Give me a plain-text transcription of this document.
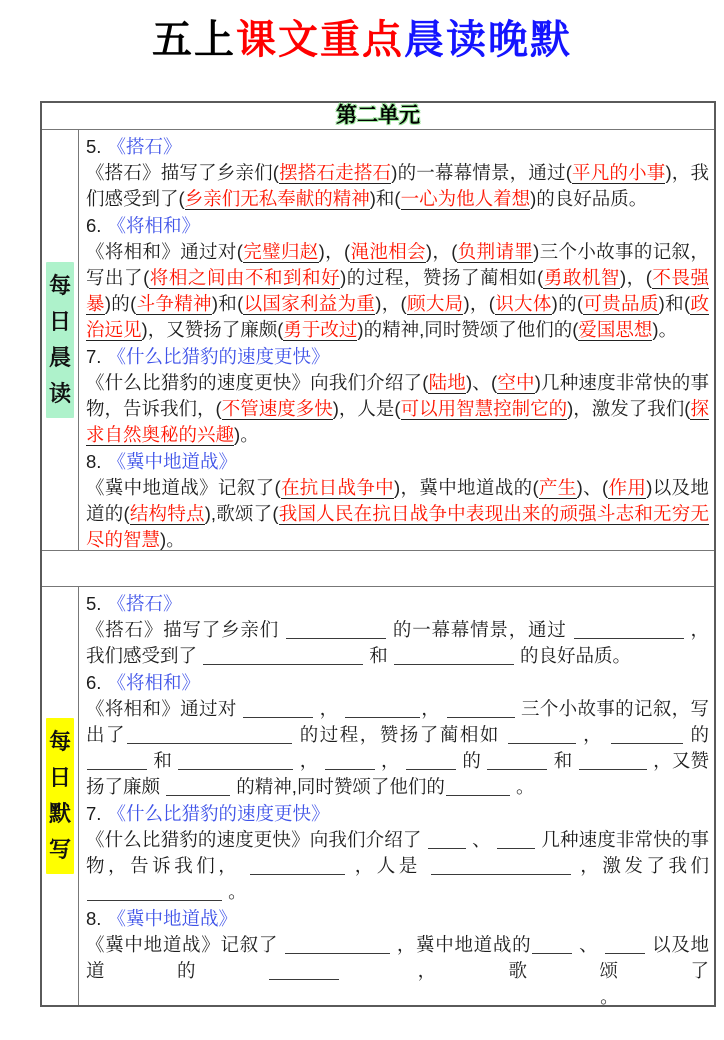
五上课文重点晨读晚默
第二单元
每
日
晨
读
5. 《搭石》
《搭石》描写了乡亲们(摆搭石走搭石)的一幕幕情景，通过(平凡的小事)，我们感受到了(乡亲们无私奉献的精神)和(一心为他人着想)的良好品质。
6. 《将相和》
《将相和》通过对(完璧归赵)，(渑池相会)，(负荆请罪)三个小故事的记叙，写出了(将相之间由不和到和好)的过程，赞扬了蔺相如(勇敢机智)，(不畏强暴)的(斗争精神)和(以国家利益为重)，(顾大局)，(识大体)的(可贵品质)和(政治远见)，又赞扬了廉颇(勇于改过)的精神,同时赞颂了他们的(爱国思想)。
7. 《什么比猎豹的速度更快》
《什么比猎豹的速度更快》向我们介绍了(陆地)、(空中)几种速度非常快的事物，告诉我们，(不管速度多快)，人是(可以用智慧控制它的)，激发了我们(探求自然奥秘的兴趣)。
8. 《冀中地道战》
《冀中地道战》记叙了(在抗日战争中)，冀中地道战的(产生)、(作用)以及地道的(结构特点),歌颂了(我国人民在抗日战争中表现出来的顽强斗志和无穷无尽的智慧)。
每
日
默
写
5. 《搭石》
《搭石》描写了乡亲们	的一幕幕情景，通过	，我们感受到了	和	的良好品质。
6. 《将相和》
《将相和》通过对	，	，	三个小故事的记叙，写出了	的过程，赞扬了蔺相如	，	的  和	，	，	的	和	，又赞扬了廉颇	的精神,同时赞颂了他们的	。
7. 《什么比猎豹的速度更快》
《什么比猎豹的速度更快》向我们介绍了  、  几种速度非常快的事物，告诉我们，	，人是	，激发了我们  。
8. 《冀中地道战》
《冀中地道战》记叙了	，冀中地道战的 、  以及地道的	，歌颂了  。
